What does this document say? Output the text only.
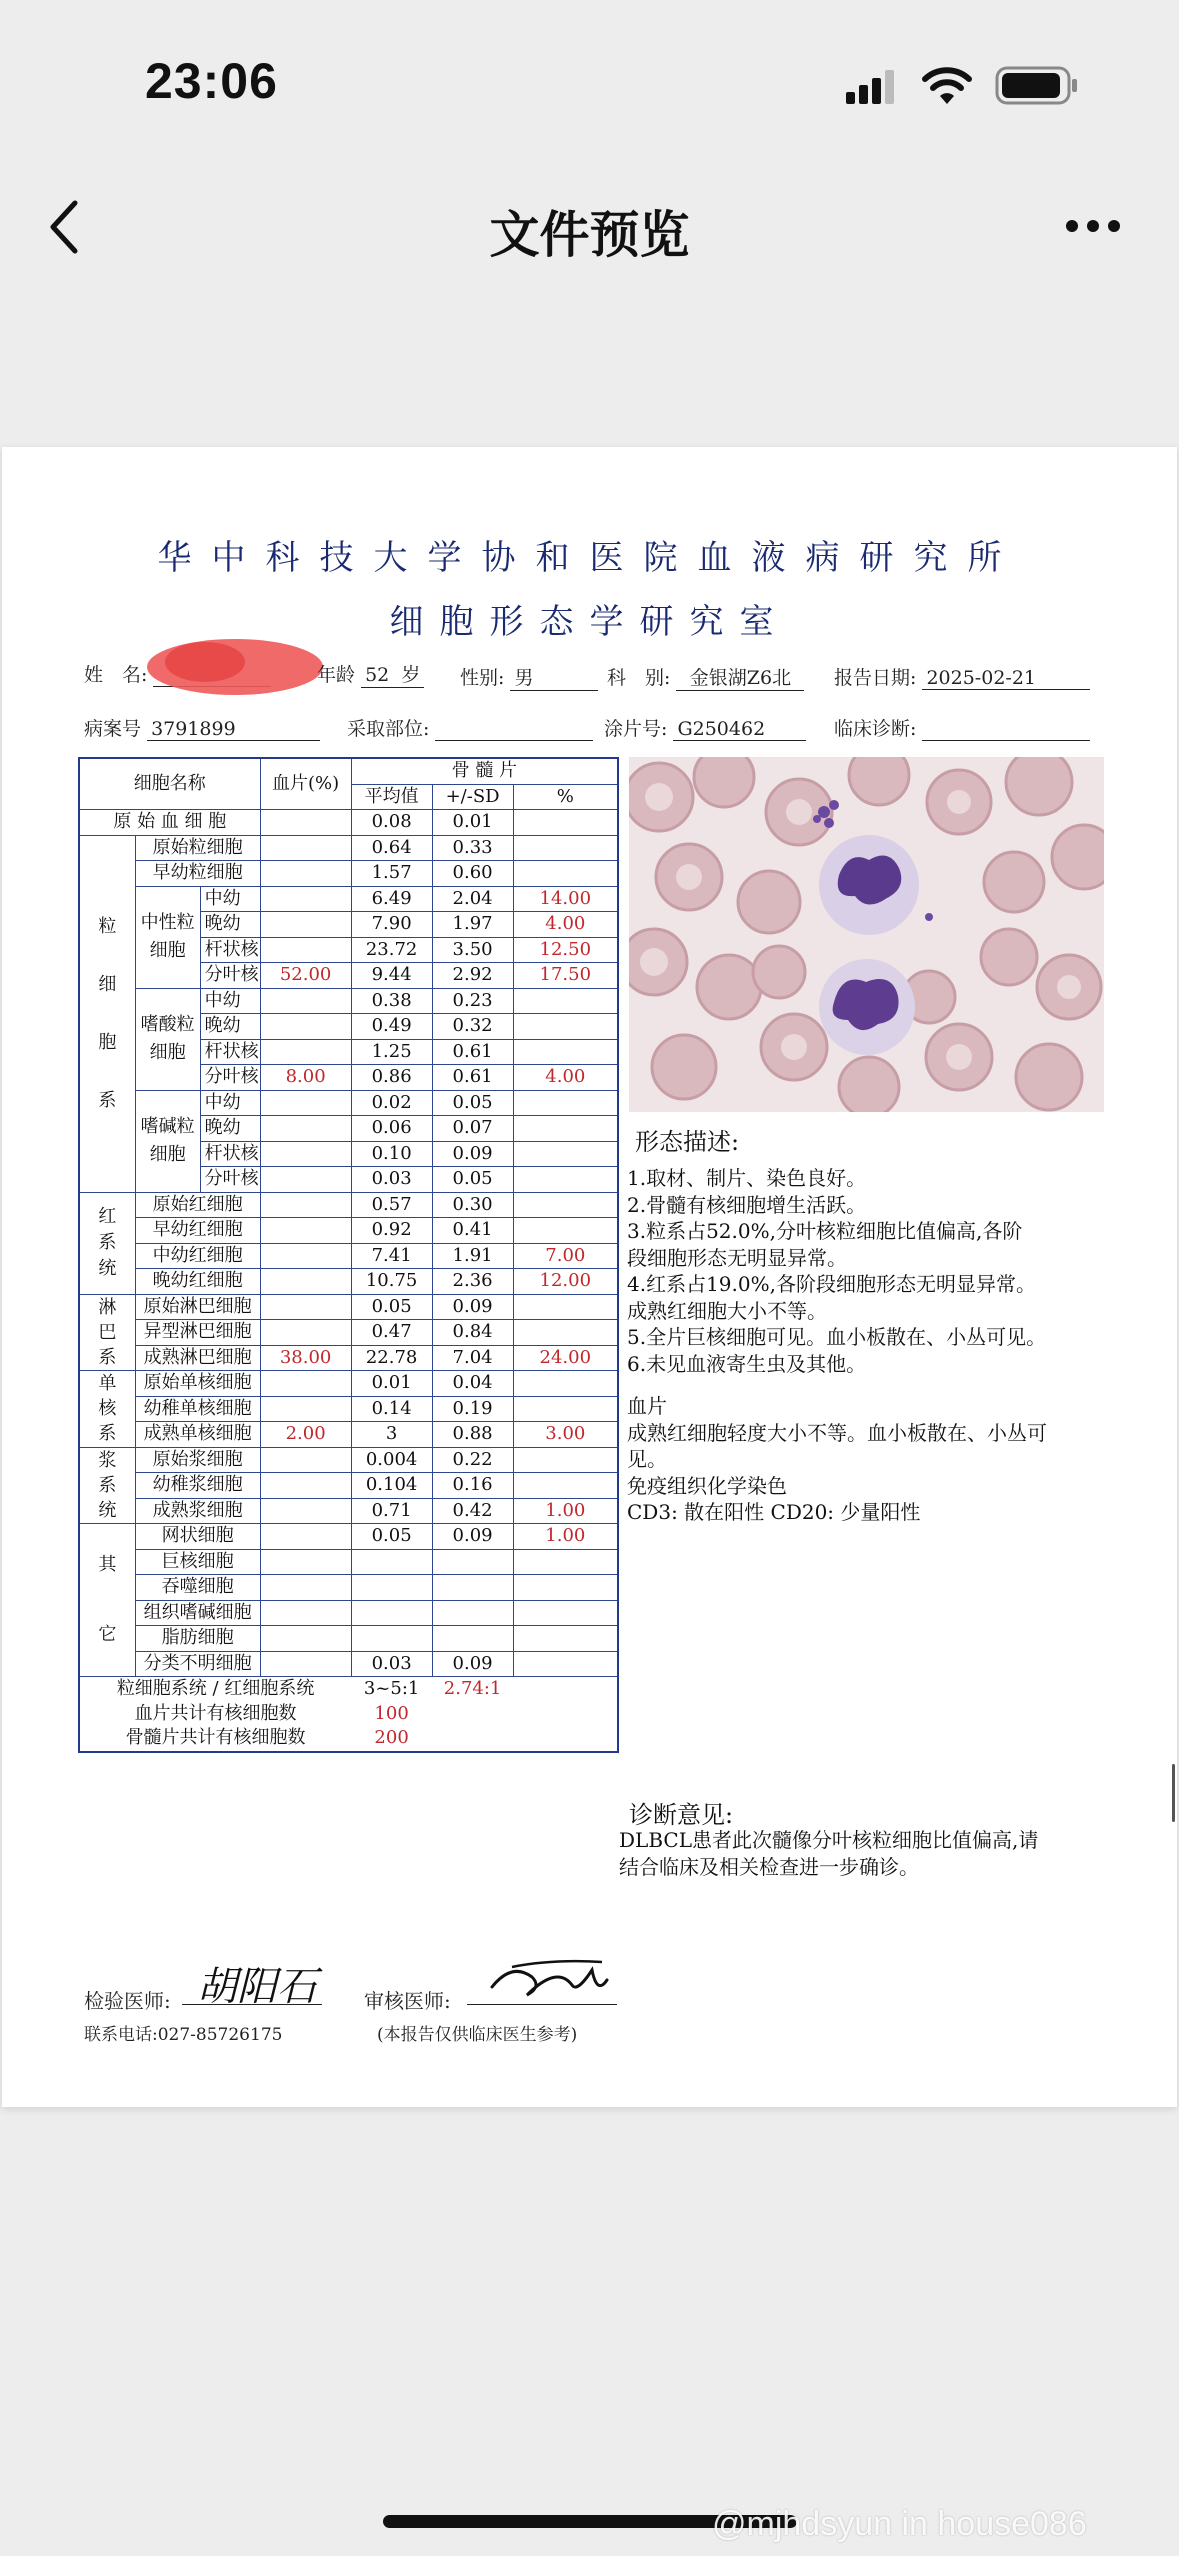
23:06
文件预览
华中科技大学协和医院血液病研究所
细胞形态学研究室
姓　名:	年龄 52 岁 性别: 男	科　别: 金银湖Z6北	报告日期: 2025-02-21
病案号 3791899	采取部位:	涂片号: G250462	临床诊断:
细胞名称			血片(%)	骨 髓 片		
				平均值	+/-SD	%
原 始 血 细 胞				0.08	0.01	
粒细胞系	原始粒细胞			0.64	0.33	
	早幼粒细胞			1.57	0.60	
	中性粒细胞	中幼		6.49	2.04	14.00
		晚幼		7.90	1.97	4.00
		杆状核		23.72	3.50	12.50
		分叶核	52.00	9.44	2.92	17.50
	嗜酸粒细胞	中幼		0.38	0.23	
		晚幼		0.49	0.32	
		杆状核		1.25	0.61	
		分叶核	8.00	0.86	0.61	4.00
	嗜碱粒细胞	中幼		0.02	0.05	
		晚幼		0.06	0.07	
		杆状核		0.10	0.09	
		分叶核		0.03	0.05	
红系统	原始红细胞			0.57	0.30	
	早幼红细胞			0.92	0.41	
	中幼红细胞			7.41	1.91	7.00
	晚幼红细胞			10.75	2.36	12.00
淋巴系	原始淋巴细胞			0.05	0.09	
	异型淋巴细胞			0.47	0.84	
	成熟淋巴细胞		38.00	22.78	7.04	24.00
单核系	原始单核细胞			0.01	0.04	
	幼稚单核细胞			0.14	0.19	
	成熟单核细胞		2.00	3	0.88	3.00
浆系统	原始浆细胞			0.004	0.22	
	幼稚浆细胞			0.104	0.16	
	成熟浆细胞			0.71	0.42	1.00
其它	网状细胞			0.05	0.09	1.00
	巨核细胞					
	吞噬细胞					
	组织嗜碱细胞					
	脂肪细胞					
	分类不明细胞			0.03	0.09	
粒细胞系统 / 红细胞系统				3~5:1	2.74:1	
血片共计有核细胞数				100		
骨髓片共计有核细胞数				200		
形态描述:
1.取材、制片、染色良好。
2.骨髓有核细胞增生活跃。
3.粒系占52.0%,分叶核粒细胞比值偏高,各阶
段细胞形态无明显异常。
4.红系占19.0%,各阶段细胞形态无明显异常。
成熟红细胞大小不等。
5.全片巨核细胞可见。血小板散在、小丛可见。
6.未见血液寄生虫及其他。
血片
成熟红细胞轻度大小不等。血小板散在、小丛可
见。
免疫组织化学染色
CD3: 散在阳性 CD20: 少量阳性
诊断意见:
DLBCL患者此次髓像分叶核粒细胞比值偏高,请
结合临床及相关检查进一步确诊。
检验医师: 胡阳石 审核医师:
联系电话:027-85726175	(本报告仅供临床医生参考)
@mjhdsyun in house086
